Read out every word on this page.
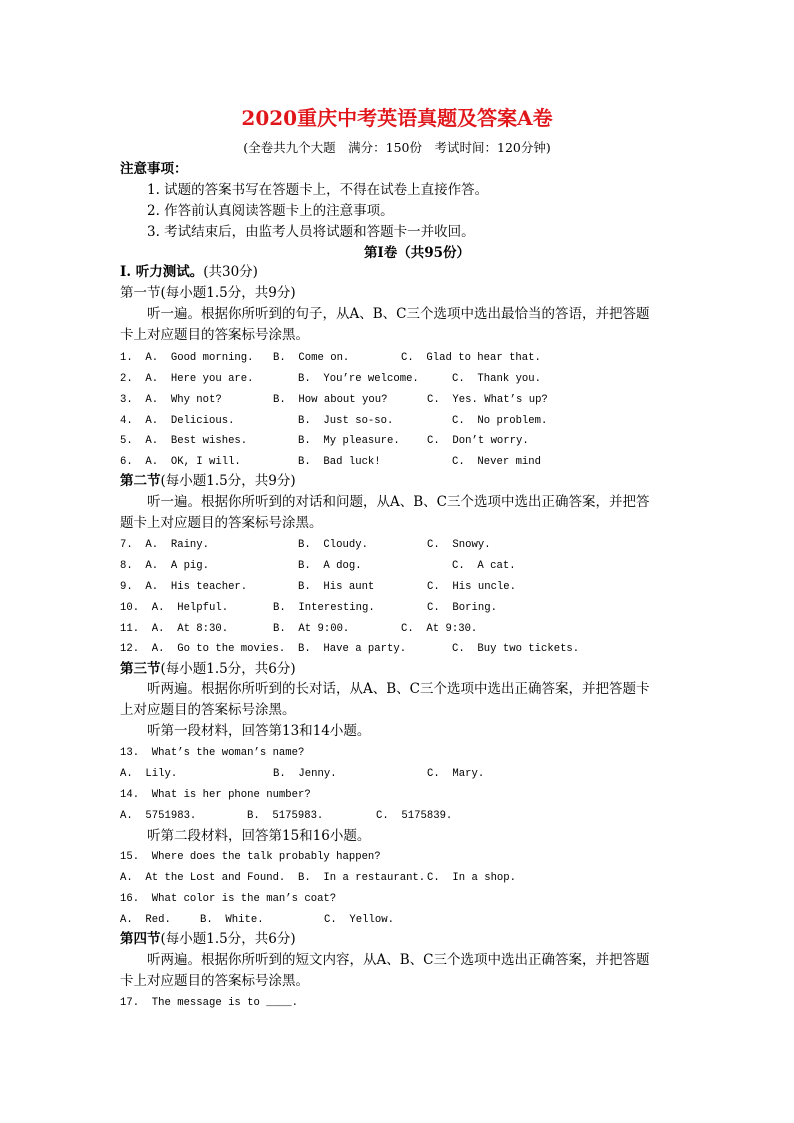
2020重庆中考英语真题及答案A卷
(全卷共九个大题　满分：150份　考试时间：120分钟)
注意事项：
1. 试题的答案书写在答题卡上，不得在试卷上直接作答。
2. 作答前认真阅读答题卡上的注意事项。
3. 考试结束后，由监考人员将试题和答题卡一并收回。
第Ⅰ卷（共95份）
I. 听力测试。(共30分)
第一节(每小题1.5分，共9分)
听一遍。根据你所听到的句子，从A、B、C三个选项中选出最恰当的答语，并把答题
卡上对应题目的答案标号涂黑。
1.  A.  Good morning. B.  Come on.	C.  Glad to hear that.
2.  A.  Here you are.	B.  You’re welcome.	C.  Thank you.
3.  A.  Why not?	B.  How about you?	C.  Yes. What’s up?
4.  A.  Delicious.	B.  Just so-so.	C.  No problem.
5.  A.  Best wishes.	B.  My pleasure.	C.  Don’t worry.
6.  A.  OK, I will.	B.  Bad luck!	C.  Never mind
第二节(每小题1.5分，共9分)
听一遍。根据你所听到的对话和问题，从A、B、C三个选项中选出正确答案，并把答
题卡上对应题目的答案标号涂黑。
7.  A.  Rainy.	B.  Cloudy.	C.  Snowy.
8.  A.  A pig.	B.  A dog.	C.  A cat.
9.  A.  His teacher.	B.  His aunt	C.  His uncle.
10.  A.  Helpful.	B.  Interesting.	C.  Boring.
11.  A.  At 8:30.	B.  At 9:00.	C.  At 9:30.
12.  A.  Go to the movies. B.  Have a party.	C.  Buy two tickets.
第三节(每小题1.5分，共6分)
听两遍。根据你所听到的长对话，从A、B、C三个选项中选出正确答案，并把答题卡
上对应题目的答案标号涂黑。
听第一段材料，回答第13和14小题。
13.  What’s the woman’s name?
A.  Lily.	B.  Jenny.	C.  Mary.
14.  What is her phone number?
A.  5751983.	B.  5175983.	C.  5175839.
听第二段材料，回答第15和16小题。
15.  Where does the talk probably happen?
A.  At the Lost and Found. B.  In a restaurant. C.  In a shop.
16.  What color is the man’s coat?
A.  Red.	B.  White.	C.  Yellow.
第四节(每小题1.5分，共6分)
听两遍。根据你所听到的短文内容，从A、B、C三个选项中选出正确答案，并把答题
卡上对应题目的答案标号涂黑。
17.  The message is to ____.
